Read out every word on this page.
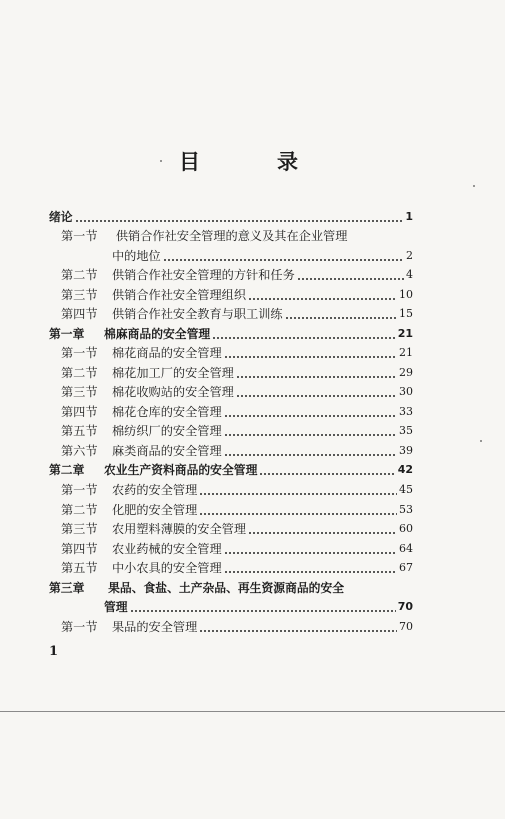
目　录
绪论	1
第一节 供销合作社安全管理的意义及其在企业管理
中的地位	2
第二节 供销合作社安全管理的方针和任务	4
第三节 供销合作社安全管理组织	10
第四节 供销合作社安全教育与职工训练	15
第一章 棉麻商品的安全管理	21
第一节 棉花商品的安全管理	21
第二节 棉花加工厂的安全管理	29
第三节 棉花收购站的安全管理	30
第四节 棉花仓库的安全管理	33
第五节 棉纺织厂的安全管理	35
第六节 麻类商品的安全管理	39
第二章 农业生产资料商品的安全管理	42
第一节 农药的安全管理	45
第二节 化肥的安全管理	53
第三节 农用塑料薄膜的安全管理	60
第四节 农业药械的安全管理	64
第五节 中小农具的安全管理	67
第三章 果品、食盐、土产杂品、再生资源商品的安全
管理	70
第一节 果品的安全管理	70
1
